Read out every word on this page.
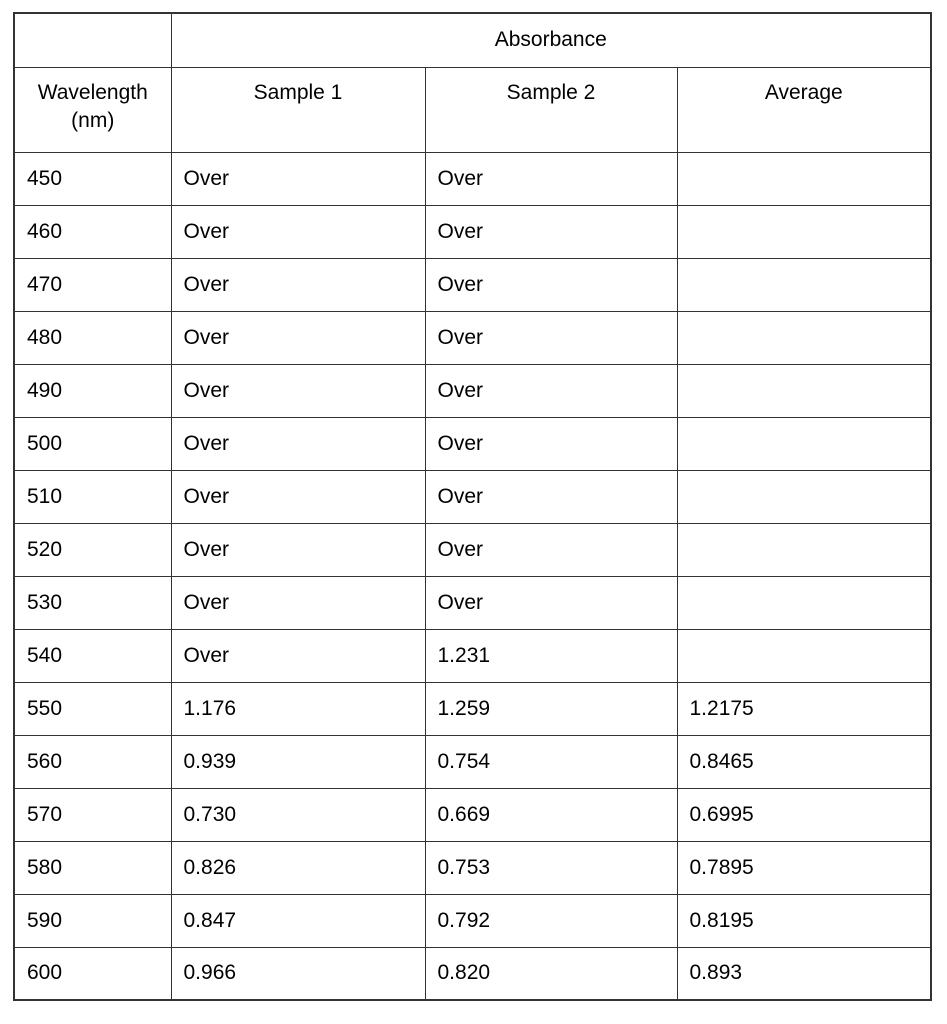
	Absorbance		
Wavelength
(nm)	Sample 1	Sample 2	Average
450	Over	Over	
460	Over	Over	
470	Over	Over	
480	Over	Over	
490	Over	Over	
500	Over	Over	
510	Over	Over	
520	Over	Over	
530	Over	Over	
540	Over	1.231	
550	1.176	1.259	1.2175
560	0.939	0.754	0.8465
570	0.730	0.669	0.6995
580	0.826	0.753	0.7895
590	0.847	0.792	0.8195
600	0.966	0.820	0.893
